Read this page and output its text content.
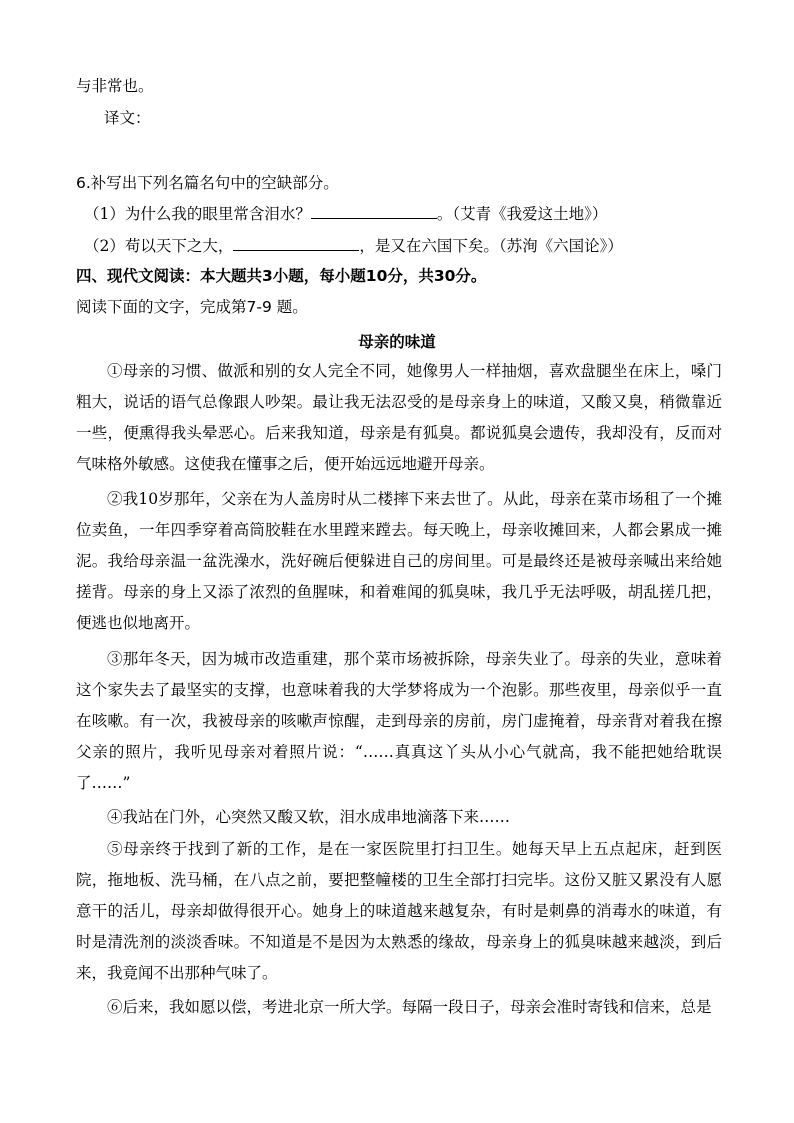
与非常也。
译文：
6.补写出下列名篇名句中的空缺部分。
（1）为什么我的眼里常含泪水？	。（艾青《我爱这土地》）
（2）苟以天下之大，	，是又在六国下矣。（苏洵《六国论》）
四、现代文阅读：本大题共3小题，每小题10分，共30分。
阅读下面的文字，完成第7-9 题。
母亲的味道
①母亲的习惯、做派和别的女人完全不同，她像男人一样抽烟，喜欢盘腿坐在床上，嗓门粗大，说话的语气总像跟人吵架。最让我无法忍受的是母亲身上的味道，又酸又臭，稍微靠近一些，便熏得我头晕恶心。后来我知道，母亲是有狐臭。都说狐臭会遗传，我却没有，反而对气味格外敏感。这使我在懂事之后，便开始远远地避开母亲。
②我10岁那年，父亲在为人盖房时从二楼摔下来去世了。从此，母亲在菜市场租了一个摊位卖鱼，一年四季穿着高筒胶鞋在水里蹚来蹚去。每天晚上，母亲收摊回来，人都会累成一摊泥。我给母亲温一盆洗澡水，洗好碗后便躲进自己的房间里。可是最终还是被母亲喊出来给她搓背。母亲的身上又添了浓烈的鱼腥味，和着难闻的狐臭味，我几乎无法呼吸，胡乱搓几把，便逃也似地离开。
③那年冬天，因为城市改造重建，那个菜市场被拆除，母亲失业了。母亲的失业，意味着这个家失去了最坚实的支撑，也意味着我的大学梦将成为一个泡影。那些夜里，母亲似乎一直在咳嗽。有一次，我被母亲的咳嗽声惊醒，走到母亲的房前，房门虚掩着，母亲背对着我在擦父亲的照片，我听见母亲对着照片说：“……真真这丫头从小心气就高，我不能把她给耽误了……”
④我站在门外，心突然又酸又软，泪水成串地滴落下来……
⑤母亲终于找到了新的工作，是在一家医院里打扫卫生。她每天早上五点起床，赶到医院，拖地板、洗马桶，在八点之前，要把整幢楼的卫生全部打扫完毕。这份又脏又累没有人愿意干的活儿，母亲却做得很开心。她身上的味道越来越复杂，有时是刺鼻的消毒水的味道，有时是清洗剂的淡淡香味。不知道是不是因为太熟悉的缘故，母亲身上的狐臭味越来越淡，到后来，我竟闻不出那种气味了。
⑥后来，我如愿以偿，考进北京一所大学。每隔一段日子，母亲会准时寄钱和信来，总是
